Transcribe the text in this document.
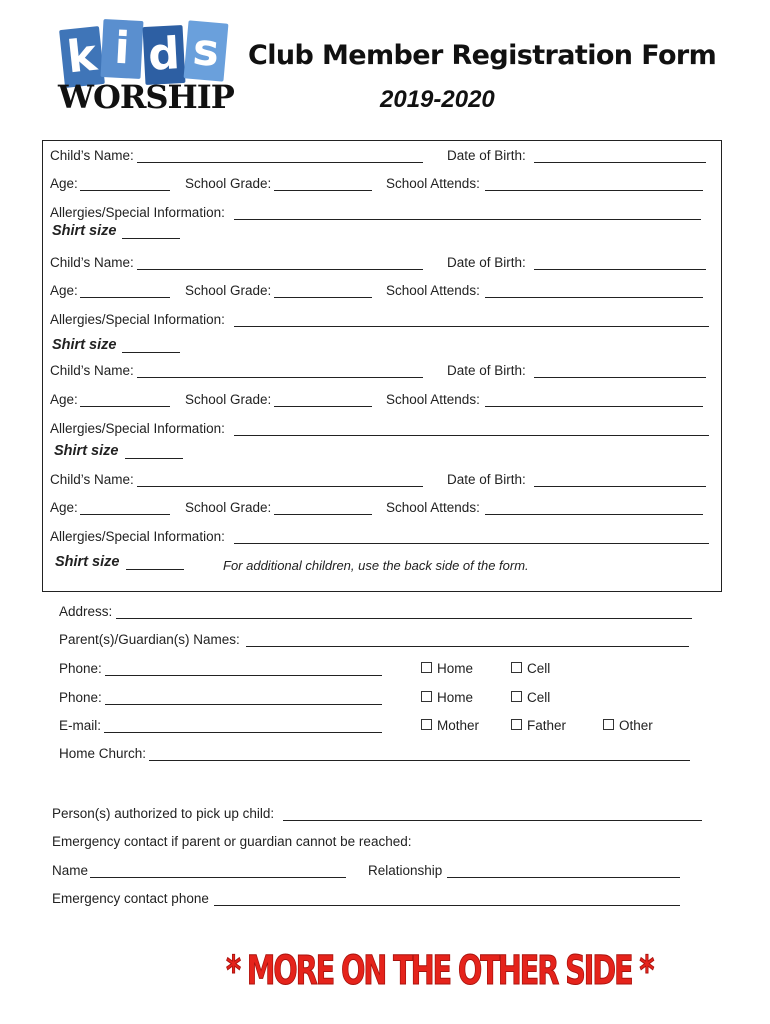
k i d s
WORSHIP
Club Member Registration Form
2019-2020
Child’s Name:	Date of Birth:
Age:	School Grade:	School Attends:
Allergies/Special Information:
Shirt size
Child’s Name:	Date of Birth:
Age:	School Grade:	School Attends:
Allergies/Special Information:
Shirt size
Child’s Name:	Date of Birth:
Age:	School Grade:	School Attends:
Allergies/Special Information:
Shirt size
Child’s Name:	Date of Birth:
Age:	School Grade:	School Attends:
Allergies/Special Information:
Shirt size	For additional children, use the back side of the form.
Address:
Parent(s)/Guardian(s) Names:
Phone:	Home	Cell
Phone:	Home	Cell
E-mail:	Mother	Father	Other
Home Church:
Person(s) authorized to pick up child:
Emergency contact if parent or guardian cannot be reached:
Name	Relationship
Emergency contact phone
* MORE ON THE OTHER SIDE *
